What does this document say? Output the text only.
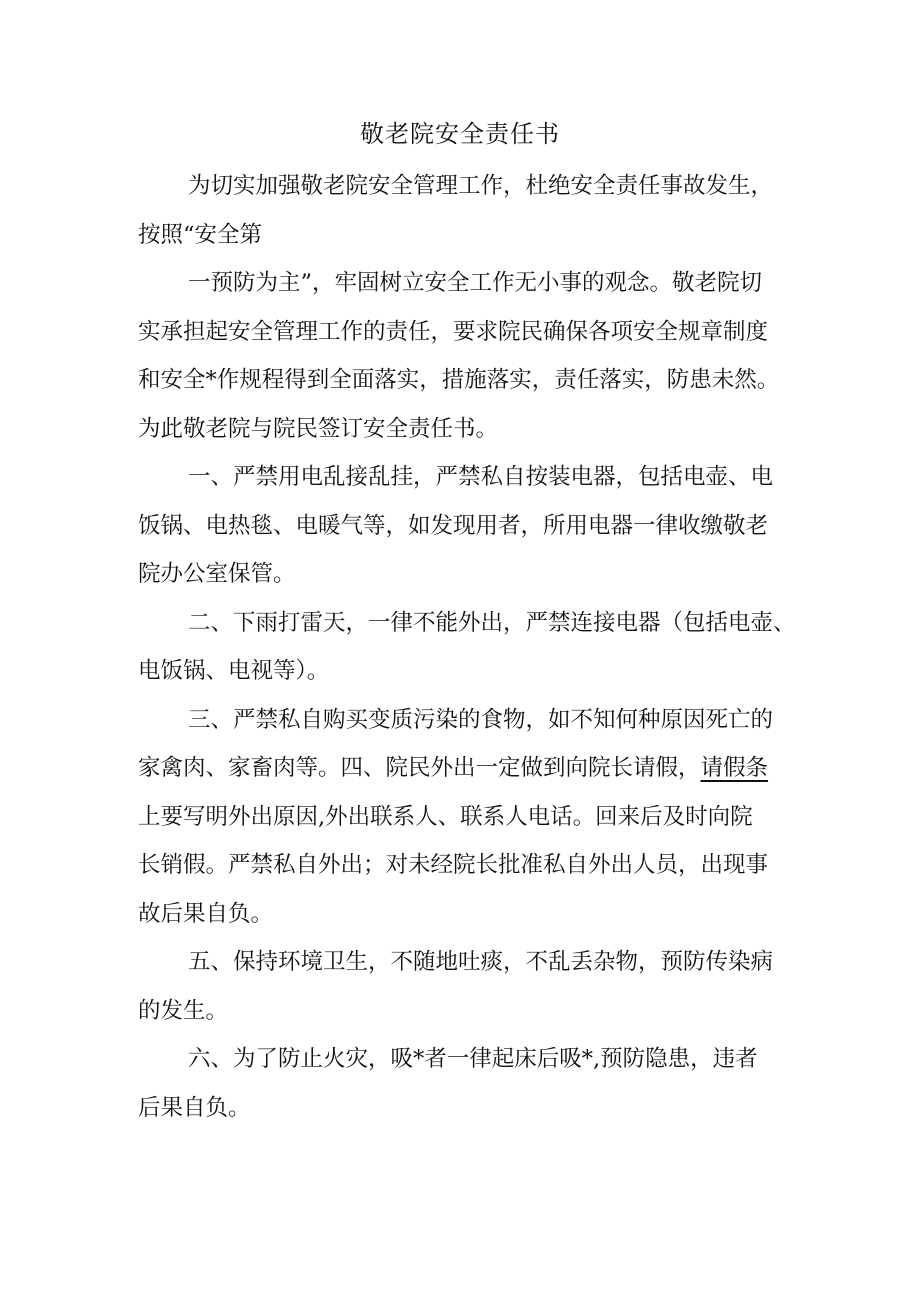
敬老院安全责任书
为切实加强敬老院安全管理工作，杜绝安全责任事故发生，
按照“安全第
一预防为主”，牢固树立安全工作无小事的观念。敬老院切
实承担起安全管理工作的责任，要求院民确保各项安全规章制度
和安全*作规程得到全面落实，措施落实，责任落实，防患未然。
为此敬老院与院民签订安全责任书。
一、严禁用电乱接乱挂，严禁私自按装电器，包括电壶、电
饭锅、电热毯、电暖气等，如发现用者，所用电器一律收缴敬老
院办公室保管。
二、下雨打雷天，一律不能外出，严禁连接电器（包括电壶、
电饭锅、电视等）。
三、严禁私自购买变质污染的食物，如不知何种原因死亡的
家禽肉、家畜肉等。四、院民外出一定做到向院长请假，请假条
上要写明外出原因,外出联系人、联系人电话。回来后及时向院
长销假。严禁私自外出；对未经院长批准私自外出人员，出现事
故后果自负。
五、保持环境卫生，不随地吐痰，不乱丢杂物，预防传染病
的发生。
六、为了防止火灾，吸*者一律起床后吸*,预防隐患，违者
后果自负。
